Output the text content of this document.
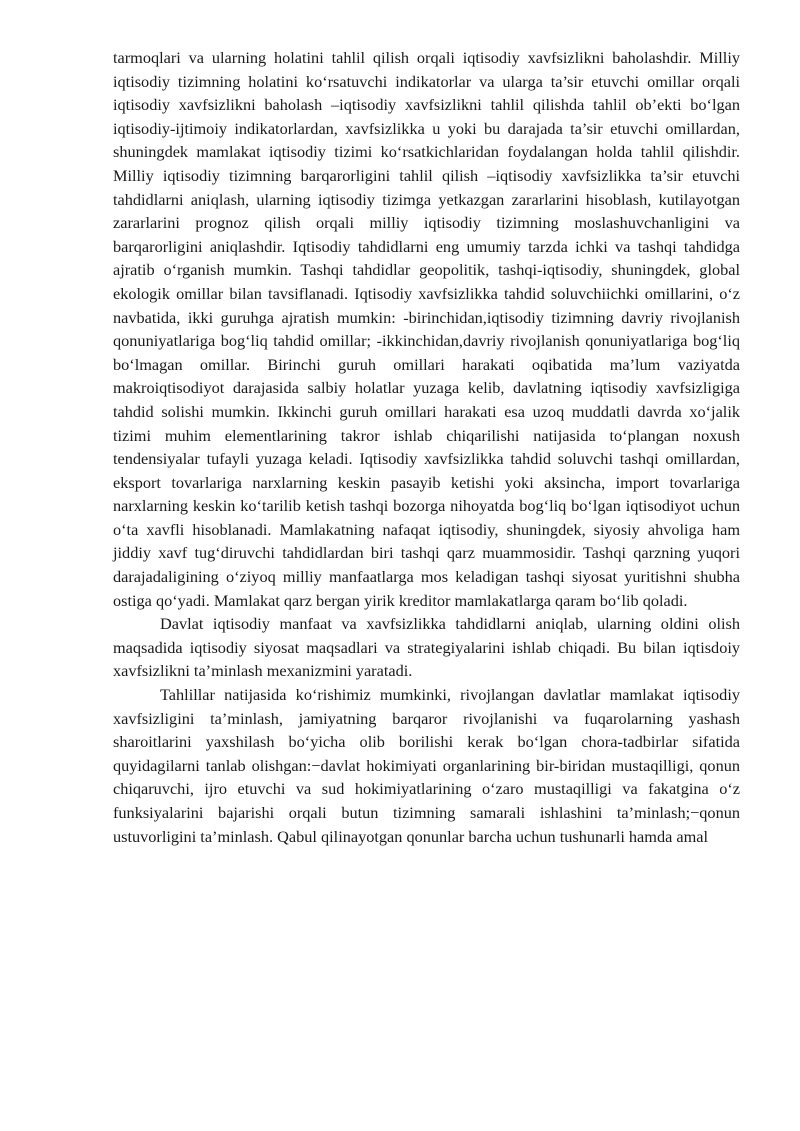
tarmoqlari va ularning holatini tahlil qilish orqali iqtisodiy xavfsizlikni baholashdir. Milliy iqtisodiy tizimning holatini ko‘rsatuvchi indikatorlar va ularga ta’sir etuvchi omillar orqali iqtisodiy xavfsizlikni baholash –iqtisodiy xavfsizlikni tahlil qilishda tahlil ob’ekti bo‘lgan iqtisodiy-ijtimoiy indikatorlardan, xavfsizlikka u yoki bu darajada ta’sir etuvchi omillardan, shuningdek mamlakat iqtisodiy tizimi ko‘rsatkichlaridan foydalangan holda tahlil qilishdir. Milliy iqtisodiy tizimning barqarorligini tahlil qilish –iqtisodiy xavfsizlikka ta’sir etuvchi tahdidlarni aniqlash, ularning iqtisodiy tizimga yetkazgan zararlarini hisoblash, kutilayotgan zararlarini prognoz qilish orqali milliy iqtisodiy tizimning moslashuvchanligini va barqarorligini aniqlashdir. Iqtisodiy tahdidlarni eng umumiy tarzda ichki va tashqi tahdidga ajratib o‘rganish mumkin. Tashqi tahdidlar geopolitik, tashqi-iqtisodiy, shuningdek, global ekologik omillar bilan tavsiflanadi. Iqtisodiy xavfsizlikka tahdid soluvchiichki omillarini, o‘z navbatida, ikki guruhga ajratish mumkin: -birinchidan,iqtisodiy tizimning davriy rivojlanish qonuniyatlariga bog‘liq tahdid omillar; -ikkinchidan,davriy rivojlanish qonuniyatlariga bog‘liq bo‘lmagan omillar. Birinchi guruh omillari harakati oqibatida ma’lum vaziyatda makroiqtisodiyot darajasida salbiy holatlar yuzaga kelib, davlatning iqtisodiy xavfsizligiga tahdid solishi mumkin. Ikkinchi guruh omillari harakati esa uzoq muddatli davrda xo‘jalik tizimi muhim elementlarining takror ishlab chiqarilishi natijasida to‘plangan noxush tendensiyalar tufayli yuzaga keladi. Iqtisodiy xavfsizlikka tahdid soluvchi tashqi omillardan, eksport tovarlariga narxlarning keskin pasayib ketishi yoki aksincha, import tovarlariga narxlarning keskin ko‘tarilib ketish tashqi bozorga nihoyatda bog‘liq bo‘lgan iqtisodiyot uchun o‘ta xavfli hisoblanadi. Mamlakatning nafaqat iqtisodiy, shuningdek, siyosiy ahvoliga ham jiddiy xavf tug‘diruvchi tahdidlardan biri tashqi qarz muammosidir. Tashqi qarzning yuqori darajadaligining o‘ziyoq milliy manfaatlarga mos keladigan tashqi siyosat yuritishni shubha ostiga qo‘yadi. Mamlakat qarz bergan yirik kreditor mamlakatlarga qaram bo‘lib qoladi.

Davlat iqtisodiy manfaat va xavfsizlikka tahdidlarni aniqlab, ularning oldini olish maqsadida iqtisodiy siyosat maqsadlari va strategiyalarini ishlab chiqadi. Bu bilan iqtisdoiy xavfsizlikni ta’minlash mexanizmini yaratadi.

Tahlillar natijasida ko‘rishimiz mumkinki, rivojlangan davlatlar mamlakat iqtisodiy xavfsizligini ta’minlash, jamiyatning barqaror rivojlanishi va fuqarolarning yashash sharoitlarini yaxshilash bo‘yicha olib borilishi kerak bo‘lgan chora-tadbirlar sifatida quyidagilarni tanlab olishgan:−davlat hokimiyati organlarining bir-biridan mustaqilligi, qonun chiqaruvchi, ijro etuvchi va sud hokimiyatlarining o‘zaro mustaqilligi va fakatgina o‘z funksiyalarini bajarishi orqali butun tizimning samarali ishlashini ta’minlash;−qonun ustuvorligini ta’minlash. Qabul qilinayotgan qonunlar barcha uchun tushunarli hamda amal
